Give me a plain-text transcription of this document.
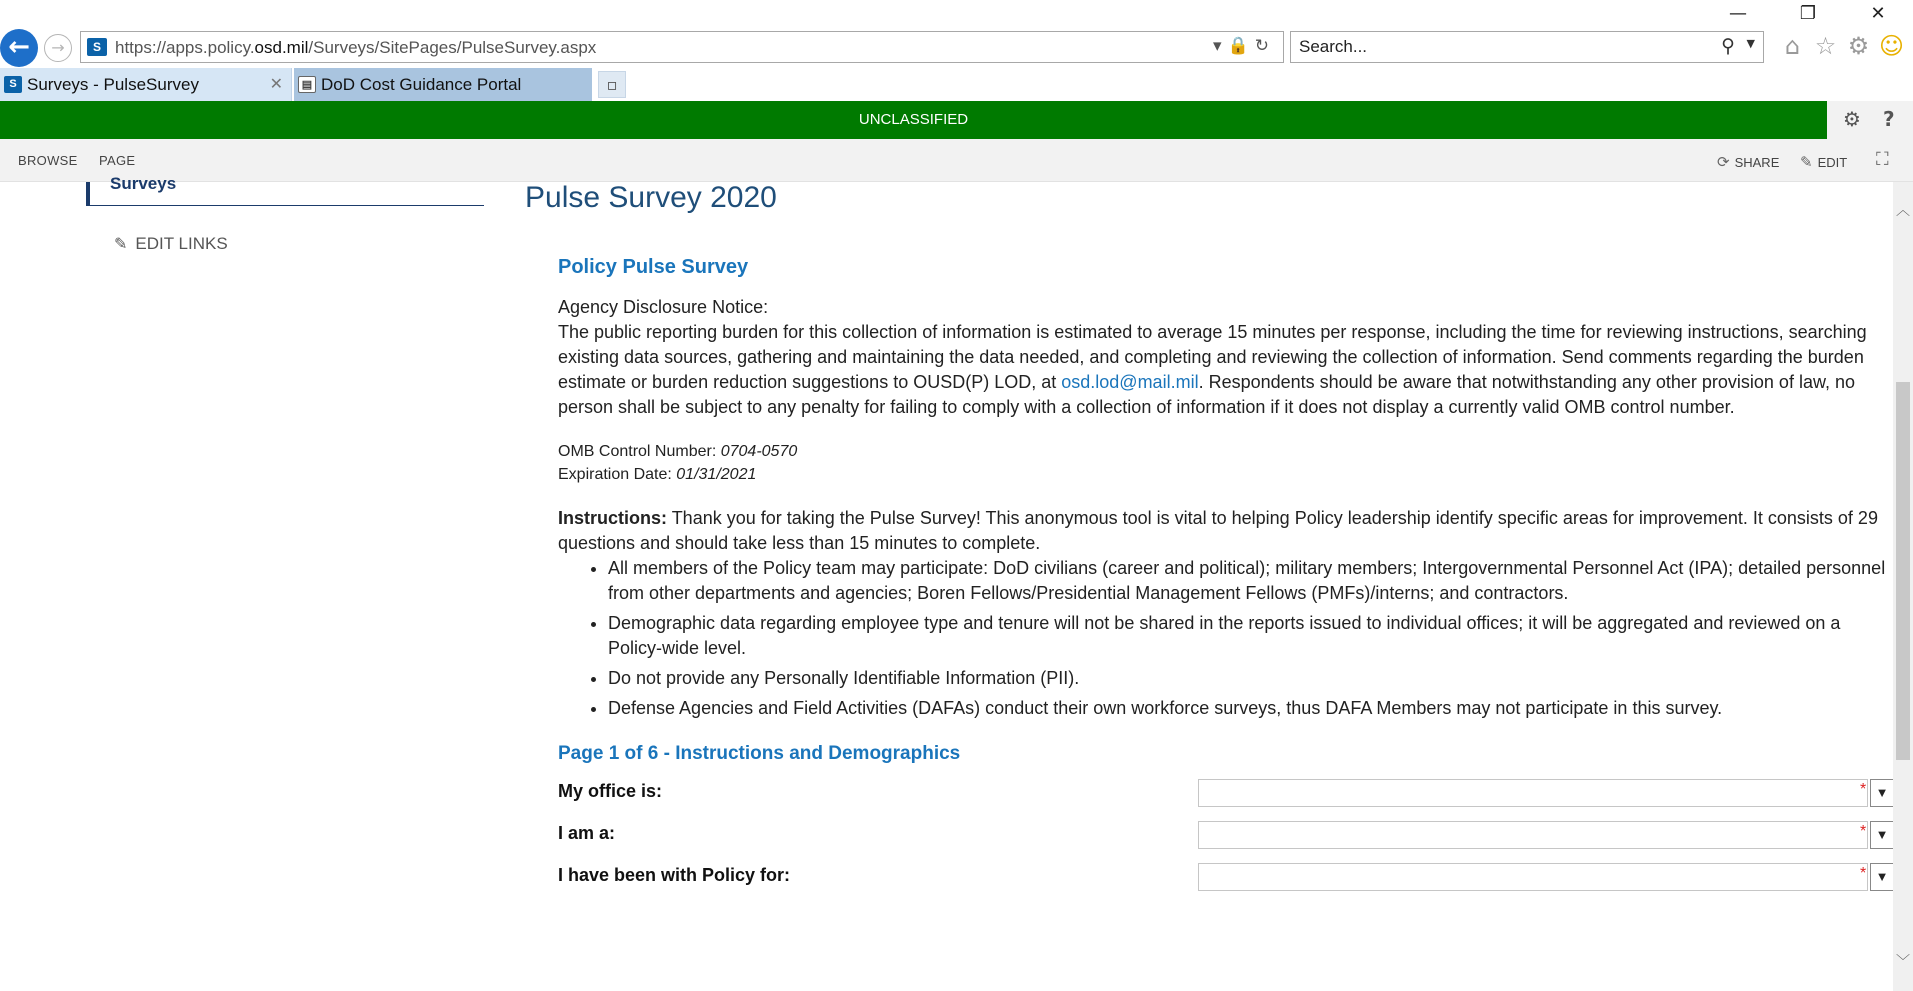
—	❐	✕
←	→	S https://apps.policy.osd.mil/Surveys/SitePages/PulseSurvey.aspx	▾🔒↻
Search...	⚲ ▼	⌂ ☆ ⚙ ☺
S Surveys - PulseSurvey	✕	▤ DoD Cost Guidance Portal	▫
UNCLASSIFIED	⚙ ?
BROWSE PAGE	⟳ SHARE ✎ EDIT ⛶
Surveys
✎ EDIT LINKS
Pulse Survey 2020
Policy Pulse Survey
Agency Disclosure Notice:
The public reporting burden for this collection of information is estimated to average 15 minutes per response, including the time for reviewing instructions, searching existing data sources, gathering and maintaining the data needed, and completing and reviewing the collection of information. Send comments regarding the burden estimate or burden reduction suggestions to OUSD(P) LOD, at osd.lod@mail.mil. Respondents should be aware that notwithstanding any other provision of law, no person shall be subject to any penalty for failing to comply with a collection of information if it does not display a currently valid OMB control number.
OMB Control Number: 0704-0570
Expiration Date: 01/31/2021
Instructions: Thank you for taking the Pulse Survey! This anonymous tool is vital to helping Policy leadership identify specific areas for improvement. It consists of 29 questions and should take less than 15 minutes to complete.
• All members of the Policy team may participate: DoD civilians (career and political); military members; Intergovernmental Personnel Act (IPA); detailed personnel from other departments and agencies; Boren Fellows/Presidential Management Fellows (PMFs)/interns; and contractors.
• Demographic data regarding employee type and tenure will not be shared in the reports issued to individual offices; it will be aggregated and reviewed on a Policy-wide level.
• Do not provide any Personally Identifiable Information (PII).
• Defense Agencies and Field Activities (DAFAs) conduct their own workforce surveys, thus DAFA Members may not participate in this survey.
Page 1 of 6 - Instructions and Demographics
My office is:	* ▼
I am a:	* ▼
I have been with Policy for:	* ▼
︿
﹀
